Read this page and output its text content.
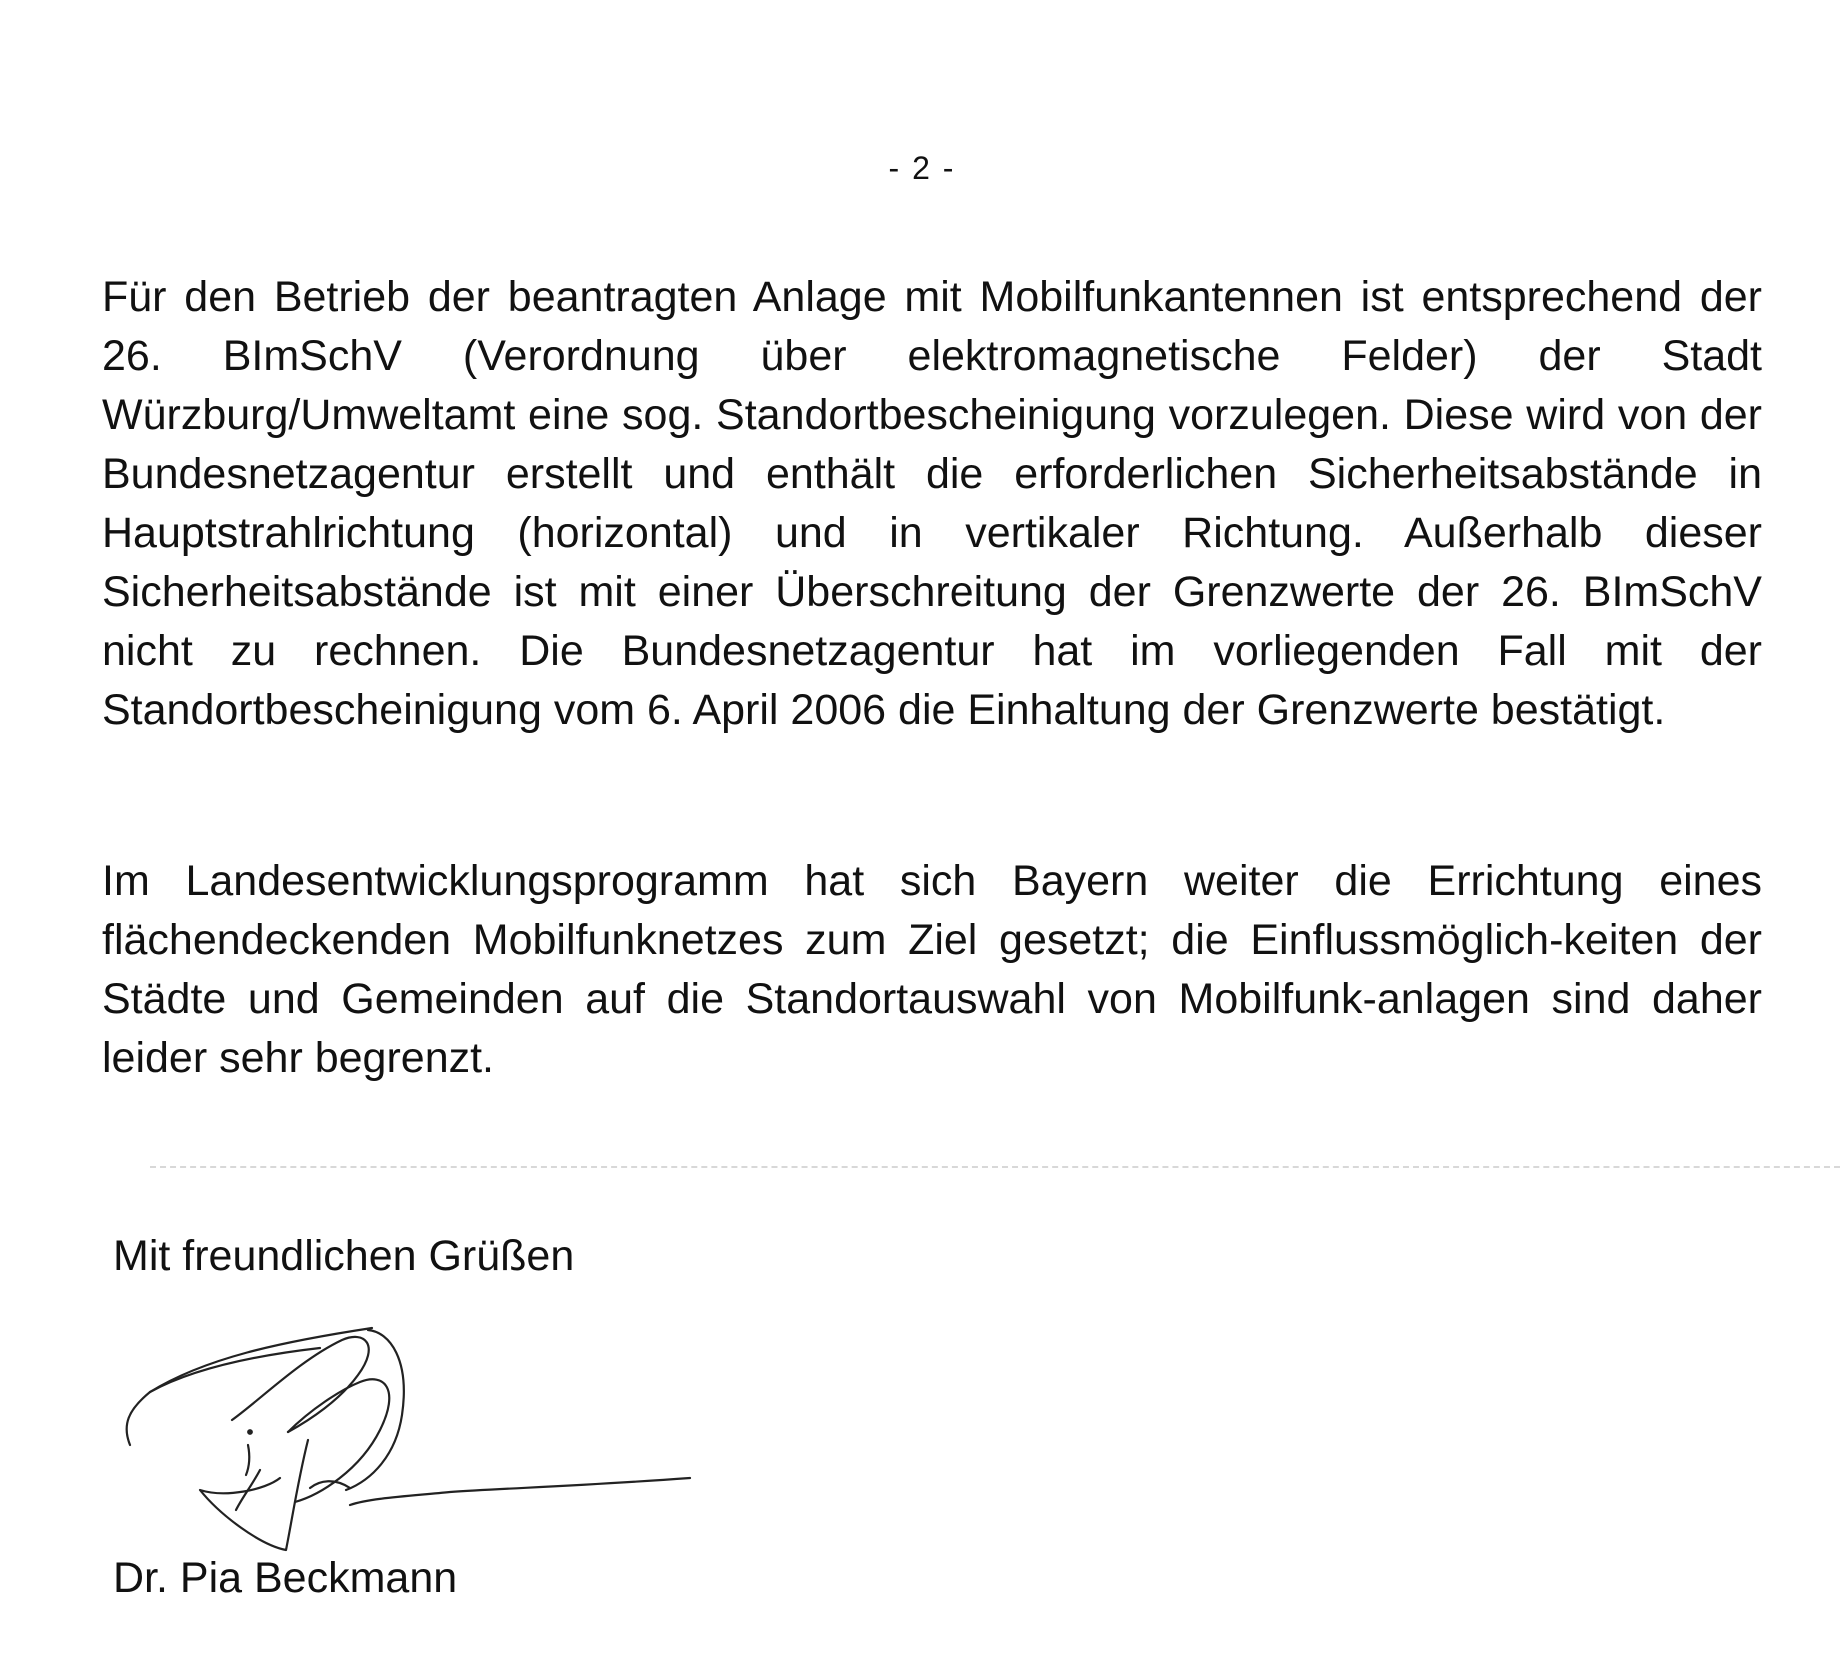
- 2 -

Für den Betrieb der beantragten Anlage mit Mobilfunkantennen ist entsprechend der 26. BImSchV (Verordnung über elektromagnetische Felder) der Stadt Würzburg/Umweltamt eine sog. Standortbescheinigung vorzulegen. Diese wird von der Bundesnetzagentur erstellt und enthält die erforderlichen Sicherheitsabstände in Hauptstrahlrichtung (horizontal) und in vertikaler Richtung. Außerhalb dieser Sicherheitsabstände ist mit einer Überschreitung der Grenzwerte der 26. BImSchV nicht zu rechnen. Die Bundesnetzagentur hat im vorliegenden Fall mit der Standortbescheinigung vom 6. April 2006 die Einhaltung der Grenzwerte bestätigt.

Im Landesentwicklungsprogramm hat sich Bayern weiter die Errichtung eines flächendeckenden Mobilfunknetzes zum Ziel gesetzt; die Einflussmöglich-keiten der Städte und Gemeinden auf die Standortauswahl von Mobilfunk-anlagen sind daher leider sehr begrenzt.

Mit freundlichen Grüßen

Dr. Pia Beckmann
